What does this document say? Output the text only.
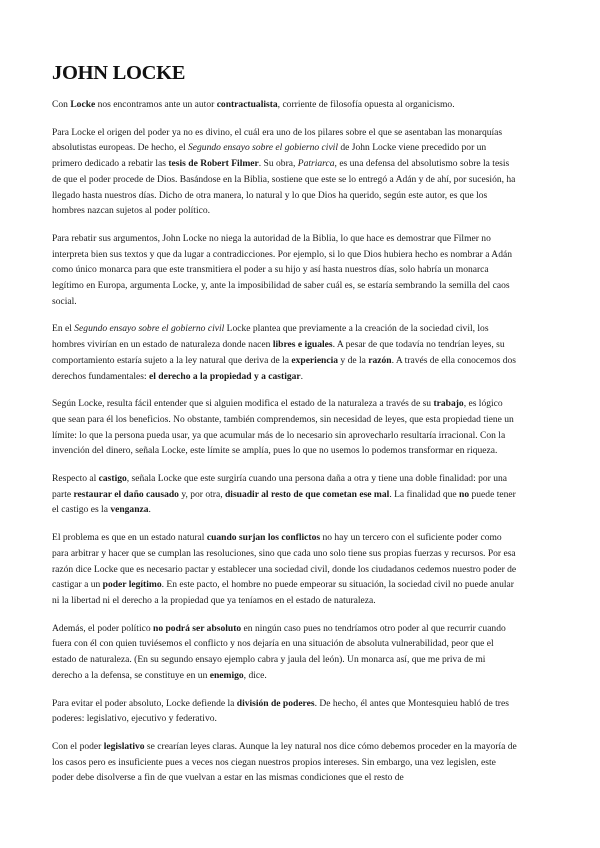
JOHN LOCKE

Con Locke nos encontramos ante un autor contractualista, corriente de filosofía opuesta al organicismo.

Para Locke el origen del poder ya no es divino, el cuál era uno de los pilares sobre el que se asentaban las monarquías absolutistas europeas. De hecho, el Segundo ensayo sobre el gobierno civil de John Locke viene precedido por un primero dedicado a rebatir las tesis de Robert Filmer. Su obra, Patriarca, es una defensa del absolutismo sobre la tesis de que el poder procede de Dios. Basándose en la Biblia, sostiene que este se lo entregó a Adán y de ahí, por sucesión, ha llegado hasta nuestros días. Dicho de otra manera, lo natural y lo que Dios ha querido, según este autor, es que los hombres nazcan sujetos al poder político.

Para rebatir sus argumentos, John Locke no niega la autoridad de la Biblia, lo que hace es demostrar que Filmer no interpreta bien sus textos y que da lugar a contradicciones. Por ejemplo, si lo que Dios hubiera hecho es nombrar a Adán como único monarca para que este transmitiera el poder a su hijo y así hasta nuestros días, solo habría un monarca legítimo en Europa, argumenta Locke, y, ante la imposibilidad de saber cuál es, se estaría sembrando la semilla del caos social.

En el Segundo ensayo sobre el gobierno civil Locke plantea que previamente a la creación de la sociedad civil, los hombres vivirían en un estado de naturaleza donde nacen libres e iguales. A pesar de que todavía no tendrían leyes, su comportamiento estaría sujeto a la ley natural que deriva de la experiencia y de la razón. A través de ella conocemos dos derechos fundamentales: el derecho a la propiedad y a castigar.

Según Locke, resulta fácil entender que si alguien modifica el estado de la naturaleza a través de su trabajo, es lógico que sean para él los beneficios. No obstante, también comprendemos, sin necesidad de leyes, que esta propiedad tiene un límite: lo que la persona pueda usar, ya que acumular más de lo necesario sin aprovecharlo resultaría irracional. Con la invención del dinero, señala Locke, este límite se amplía, pues lo que no usemos lo podemos transformar en riqueza.

Respecto al castigo, señala Locke que este surgiría cuando una persona daña a otra y tiene una doble finalidad: por una parte restaurar el daño causado y, por otra, disuadir al resto de que cometan ese mal. La finalidad que no puede tener el castigo es la venganza.

El problema es que en un estado natural cuando surjan los conflictos no hay un tercero con el suficiente poder como para arbitrar y hacer que se cumplan las resoluciones, sino que cada uno solo tiene sus propias fuerzas y recursos. Por esa razón dice Locke que es necesario pactar y establecer una sociedad civil, donde los ciudadanos cedemos nuestro poder de castigar a un poder legítimo. En este pacto, el hombre no puede empeorar su situación, la sociedad civil no puede anular ni la libertad ni el derecho a la propiedad que ya teníamos en el estado de naturaleza.

Además, el poder político no podrá ser absoluto en ningún caso pues no tendríamos otro poder al que recurrir cuando fuera con él con quien tuviésemos el conflicto y nos dejaría en una situación de absoluta vulnerabilidad, peor que el estado de naturaleza. (En su segundo ensayo ejemplo cabra y jaula del león). Un monarca así, que me priva de mi derecho a la defensa, se constituye en un enemigo, dice.

Para evitar el poder absoluto, Locke defiende la división de poderes. De hecho, él antes que Montesquieu habló de tres poderes: legislativo, ejecutivo y federativo.

Con el poder legislativo se crearían leyes claras. Aunque la ley natural nos dice cómo debemos proceder en la mayoría de los casos pero es insuficiente pues a veces nos ciegan nuestros propios intereses. Sin embargo, una vez legislen, este poder debe disolverse a fin de que vuelvan a estar en las mismas condiciones que el resto de
